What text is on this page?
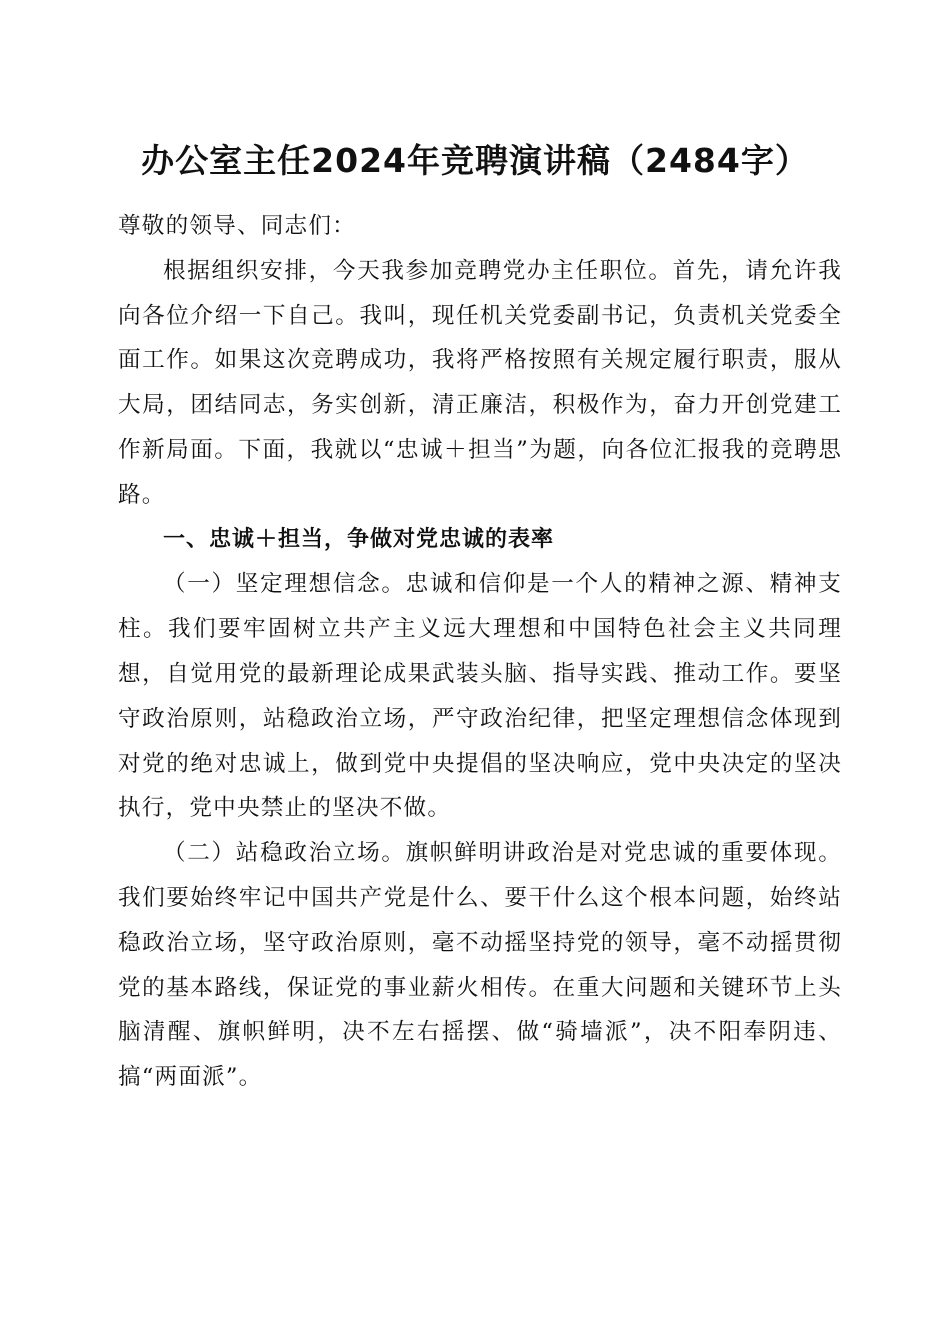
办公室主任2024年竞聘演讲稿（2484字）

尊敬的领导、同志们：

根据组织安排，今天我参加竞聘党办主任职位。首先，请允许我向各位介绍一下自己。我叫，现任机关党委副书记，负责机关党委全面工作。如果这次竞聘成功，我将严格按照有关规定履行职责，服从大局，团结同志，务实创新，清正廉洁，积极作为，奋力开创党建工作新局面。下面，我就以“忠诚＋担当”为题，向各位汇报我的竞聘思路。

一、忠诚＋担当，争做对党忠诚的表率

（一）坚定理想信念。忠诚和信仰是一个人的精神之源、精神支柱。我们要牢固树立共产主义远大理想和中国特色社会主义共同理想，自觉用党的最新理论成果武装头脑、指导实践、推动工作。要坚守政治原则，站稳政治立场，严守政治纪律，把坚定理想信念体现到对党的绝对忠诚上，做到党中央提倡的坚决响应，党中央决定的坚决执行，党中央禁止的坚决不做。

（二）站稳政治立场。旗帜鲜明讲政治是对党忠诚的重要体现。我们要始终牢记中国共产党是什么、要干什么这个根本问题，始终站稳政治立场，坚守政治原则，毫不动摇坚持党的领导，毫不动摇贯彻党的基本路线，保证党的事业薪火相传。在重大问题和关键环节上头脑清醒、旗帜鲜明，决不左右摇摆、做“骑墙派”，决不阳奉阴违、搞“两面派”。
